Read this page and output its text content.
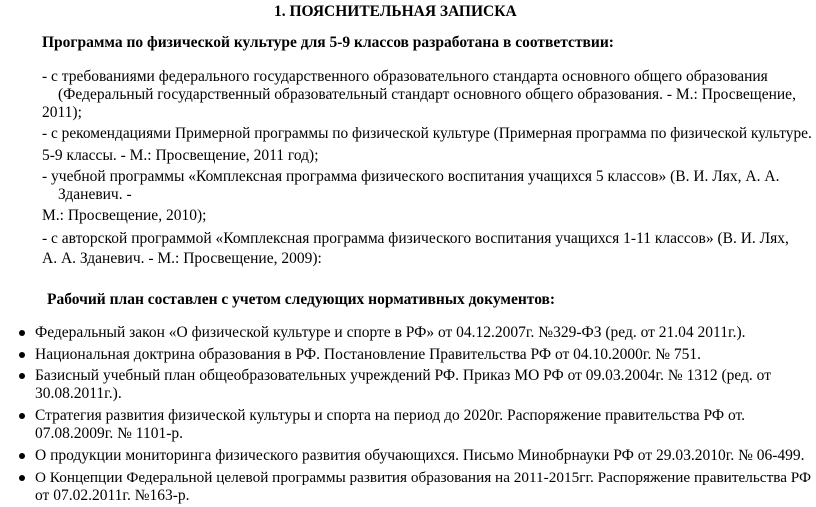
1. ПОЯСНИТЕЛЬНАЯ ЗАПИСКА
Программа по физической культуре для 5-9 классов разработана в соответствии:
- с требованиями федерального государственного образовательного стандарта основного общего образования
(Федеральный государственный образовательный стандарт основного общего образования. - М.: Просвещение,
2011);
- с рекомендациями Примерной программы по физической культуре (Примерная программа по физической культуре.
5-9 классы. - М.: Просвещение, 2011 год);
- учебной программы «Комплексная программа физического воспитания учащихся 5 классов» (В. И. Лях, А. А.
Зданевич. -
М.: Просвещение, 2010);
- с авторской программой «Комплексная программа физического воспитания учащихся 1-11 классов» (В. И. Лях,
А. А. Зданевич. - М.: Просвещение, 2009):
Рабочий план составлен с учетом следующих нормативных документов:
Федеральный закон «О физической культуре и спорте в РФ» от 04.12.2007г. №329-ФЗ (ред. от 21.04 2011г.).
Национальная доктрина образования в РФ. Постановление Правительства РФ от 04.10.2000г. № 751.
Базисный учебный план общеобразовательных учреждений РФ. Приказ МО РФ от 09.03.2004г. № 1312 (ред. от
30.08.2011г.).
Стратегия развития физической культуры и спорта на период до 2020г. Распоряжение правительства РФ от.
07.08.2009г. № 1101-р.
О продукции мониторинга физического развития обучающихся. Письмо Минобрнауки РФ от 29.03.2010г. № 06-499.
О Концепции Федеральной целевой программы развития образования на 2011-2015гг. Распоряжение правительства РФ
от 07.02.2011г. №163-р.
